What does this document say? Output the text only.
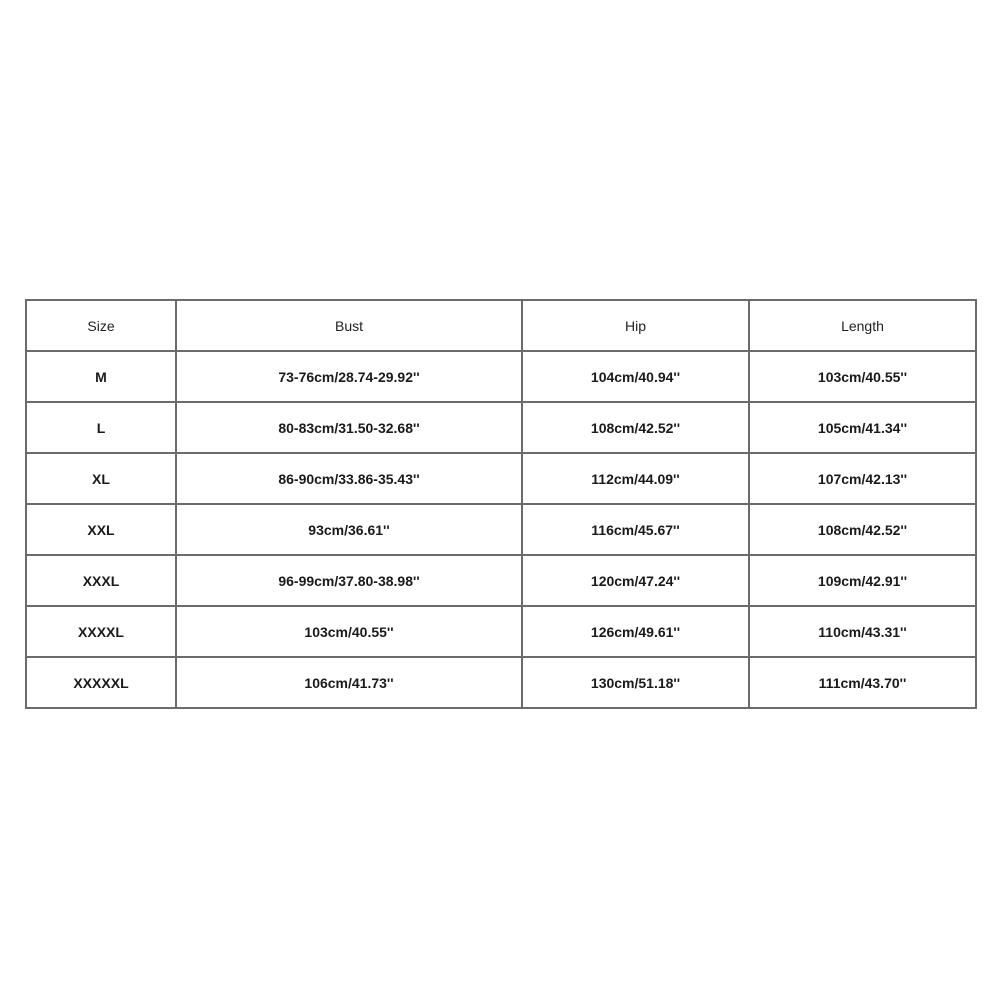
Size	Bust	Hip	Length
M	73-76cm/28.74-29.92''	104cm/40.94''	103cm/40.55''
L	80-83cm/31.50-32.68''	108cm/42.52''	105cm/41.34''
XL	86-90cm/33.86-35.43''	112cm/44.09''	107cm/42.13''
XXL	93cm/36.61''	116cm/45.67''	108cm/42.52''
XXXL	96-99cm/37.80-38.98''	120cm/47.24''	109cm/42.91''
XXXXL	103cm/40.55''	126cm/49.61''	110cm/43.31''
XXXXXL	106cm/41.73''	130cm/51.18''	111cm/43.70''
